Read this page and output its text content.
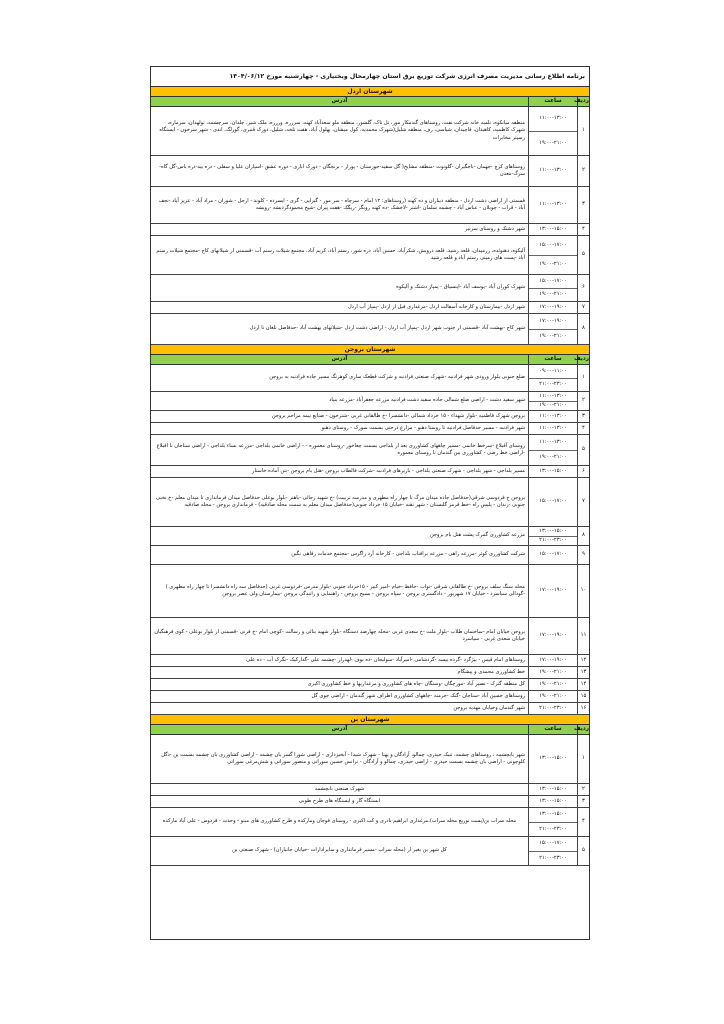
برنامه اطلاع رسانی مدیریت مصرف انرژی شرکت توزیع برق استان چهارمحال وبختیاری - چهارشنبه مورخ ۱۴۰۴/۰۶/۱۲
شهرستان اردل
ردیف
ساعت
آدرس
۱
۱۱:۰۰-۱۳:۰۰
۱۹:۰۰-۲۱:۰۰
منطقه میانکوه، تلمبه خانه شرکت نفت، روستاهای گندمکار مور، تل تاک، گلشور، منطقه ملو سعدآباد کهنه، سرزره، ورزره، ملک شیر، چلدان، سرچشمه، تولهدان، سرمازه، شهرک کاظمیه، کاهبدان، قاچیدان، شیاسی، رف، منطقه شلیل(شهرک محمدیه، کول میشان، پهلول آباد، هفت تلخه، شلیل، دورک قنبری، گوزلگ، اندی - شهر سرخون - ایستگاه رسیتر مخابرات
۲
۱۱:۰۰-۱۳:۰۰
روستاهای کرچ -جهمان -باجگیران -گلوتوت -منطقه مشایخ( گل سفید-جوزستان - پوراز - برنجگان - دورک اناری - دوره عشق -اسپاران علیا و سفلی - دره بید-دره باس-گل گاه-سرگ-معدن
۳
۱۱:۰۰-۱۳:۰۰
قسمتی از اراضی دشت اردل - منطقه دیناران و ده کهنه (روستاهای: ۱۲ امام - سرچاه - سر مور - گبرایی - گری - ایسرده - کلوند - ارجل - شوران - مراد آباد - عزیز آباد -نجف آباد - قراب - چوبلان - عباس آباد - چشمه سلمان -اشتر -لاخشک -ده کهنه روبگر -ریگک -هفت پیران -شیخ محمودگردیشه -رویشه
۴
۱۳:۰۰-۱۵:۰۰
شهر دشتک و روستای سربیر
۵
۱۵:۰۰-۱۷:۰۰
۱۹:۰۰-۲۱:۰۰
آلیکوه، دهنوئده، زرمیدان، قلعه رشید، قلعه درویش، شکرآباد، حسین آباد، دره شور، رستم آباد، کریم آباد، مجتمع شیلات رستم آب -قسمتی از شیلاتهای کاج -مجتمع شیلات رستم آباد -پست های زمینی رستم آباد و قلعه رشید
۶
۱۵:۰۰-۱۷:۰۰
۱۹:۰۰-۲۱:۰۰
شهرک کوران آباد -یوسف آباد -اینسیاق - پمپاژ دشتک و آلیکوه
۷
۱۷:۰۰-۱۹:۰۰
شهر اردل -بیمارستان و کارخانه آسفالت اردل -مرغداری فیل از اردل -پمپاژ آب اردل
۸
۱۷:۰۰-۱۹:۰۰
۱۹:۰۰-۲۱:۰۰
شهر کاج -بهشت آباد -قسمتی از جنوب شهر اردل -پمپاژ آب اردل - اراضی دشت اردل -شیلاتهای بهشت آباد -حدفاصل تلغان تا اردل
شهرستان بروجن
ردیف
ساعت
آدرس
۱
۰۹:۰۰-۱۱:۰۰
۲۱:۰۰-۲۳:۰۰
ضلع جنوبی بلوار ورودی شهر فرادنبه -شهرک صنعتی فرادنبه و شرکت قطعک سازی کوهرنگ مسیر جاده فرادنبه به بروجن
۲
۱۱:۰۰-۱۳:۰۰
۱۹:۰۰-۲۱:۰۰
شهر سفید دشت - اراضی ضلع شمالی جاده سفید دشت فرادنبه مزرعه جعفرآباد -مزرعه بنیاد
۳
۱۱:۰۰-۱۳:۰۰
بروجن شهرک فاطمیه -بلوار شهداء - ۱۵ خرداد شمالی -دانشسرا -خ طالقانی غربی -شترخون - صنایع نیمه مزاحم بروجن
۴
۱۱:۰۰-۱۳:۰۰
شهر فرادنبه - مسیر حدفاصل فرادنبه تا روستا دهنو - مزارع درختی بسمت سورک - روستای دهنو
۵
۱۱:۰۰-۱۳:۰۰
۱۹:۰۰-۲۱:۰۰
روستای آقبلاغ -سرخط خانمی -مسیر چاههای کشاورزی بعد از بلداجی بسمت چغاخور -روستای معموره - - اراضی خانمی بلداجی -مزرعه نساء بلداجی - اراضی سناجان تا اقبلاغ -اراضی خط رضی - کشاورزی بین گندمان تا روستای معموره
۶
۱۳:۰۰-۱۵:۰۰
مسیر بلداجی - شهر بلداجی - شهرک صنعتی بلداجی - بازیرهای فرادنبه -شرکت فالطاب بروجن -هتل بام بروجن -بتن آماده خاستار
۷
۱۵:۰۰-۱۷:۰۰
بروجن خ فردوسی شرقی(حدفاصل جاده میدان مرگ تا چهار راه مطهری و مدرسه تربیت) -خ شهید رجائی -باهنر -بلوار بوعلی حدفاصل میدان فرمانداری تا میدان معلم -خ نخبی جنوبی -زندان - پلیس راه -خط قرمز گلبستان - شهر نقنه -خیابان ۱۵ خرداد جنوبی(حدفاصل میدان معلم به سمت محله صادقیه) - فرمانداری بروجن - محله صادقیه
۸
۱۳:۰۰-۱۵:۰۰
۲۱:۰۰-۲۳:۰۰
مزرعه کشاورزی گمرک پشت هتل بام بروجن
۹
۱۵:۰۰-۱۷:۰۰
شرکت کشاورزی کوثر -مزرعه راهی - مزرعه برافتاب بلداجی - کارخانه آرد زاگرس -مجتمع خدمات رفاهی نگین
۱۰
۱۷:۰۰-۱۹:۰۰
محله سنگ سلف بروجن -خ طالقانی شرقی -نواب -حافظ -خیام -امیر کبیر - ۱۵خرداد جنوبی -بلوار مدرس -فردوسی غربی (حدفاصل سه راه دانشسرا تا چهار راه مطهری ) -گودالی سیاسرد - خیابان ۱۷ شهریور - دادگستری بروجن - سپاه بروجن - بسیج بروجن - راهنمایی و رانندگی بروجن -بیمارستان ولی عصر بروجن
۱۱
۱۷:۰۰-۱۹:۰۰
بروجن خیابان امام -ساختمان طلاب -بلوار ملت -خ سعدی غربی -محله چهارصد دستگاه -بلوار شهید بنائی و رسالت -کوچی امام -خ فرنی -قسمتی از بلوار بوعلی - کوی فرهنگیان خیابان سعدی غربی - سیاسرد
۱۲
۱۷:۰۰-۱۹:۰۰
روستاهای امام قیس - بیژگرد -گرده بیسه -گردشامی -امیرآباد -سولیجان -ده نوف -لهدراز -چشمه علی -گدارکیک -نگرک آب - ده علی
۱۳
۱۹:۰۰-۲۱:۰۰
خط کشاورزی محمدی و پیشگام
۱۴
۱۹:۰۰-۲۱:۰۰
کل منطقه گنرک - نصیر آباد -مورچگان -وسنگان -چاه های کشاورزی و مرغداریها و خط کشاورزی اکبری
۱۵
۱۹:۰۰-۲۱:۰۰
روستاهای حسین آباد -سناجان -گنک -جرمنه -چاههای کشاورزی اطراف شهر گندمان - اراضی جوی گل
۱۶
۲۱:۰۰-۲۳:۰۰
شهر گندمان وخیابان مهدیه بروجن
شهرستان بن
ردیف
ساعت
آدرس
۱
۱۳:۰۰-۱۵:۰۰
شهر بانچشمه ، روستاهای چشمه، تنبک حیدری، چمالو، آزادگان و یهنا - شهرک شیدا - آبخیزداری - اراضی شورا گسر بان چشمه - اراضی کشاورزی بان چشمه بسمت بن -دگل کلوچونی - اراضی بان چشمه بسمت حیدری - اراضی حیدری، چمالو و آزادگان - ترانس حسین سوراتی و منصور سوراتی و شش‌مرغی سوراتی
۲
۱۳:۰۰-۱۵:۰۰
شهرک صنعتی بانچشمه
۳
۱۳:۰۰-۱۵:۰۰
ایستگاه گاز و ایستگاه های طرح طوبی
۴
۱۳:۰۰-۱۵:۰۰
۲۱:۰۰-۲۳:۰۰
محله سراب بن(پست توزیع محله سراب)،مرغداری ابراهیم نادری و کب اکبری - روستای فوجان ومارکده و طرح کشاورزی های مبتو - وحدت - فردوس - علی آباد مارکده
۵
۱۵:۰۰-۱۷:۰۰
۲۱:۰۰-۲۳:۰۰
کل شهر بن بغیر از (محله سراب -مسیر فرمانداری و سایرادارات -خیابان جانبازان) - شهرک صنعتی بن
